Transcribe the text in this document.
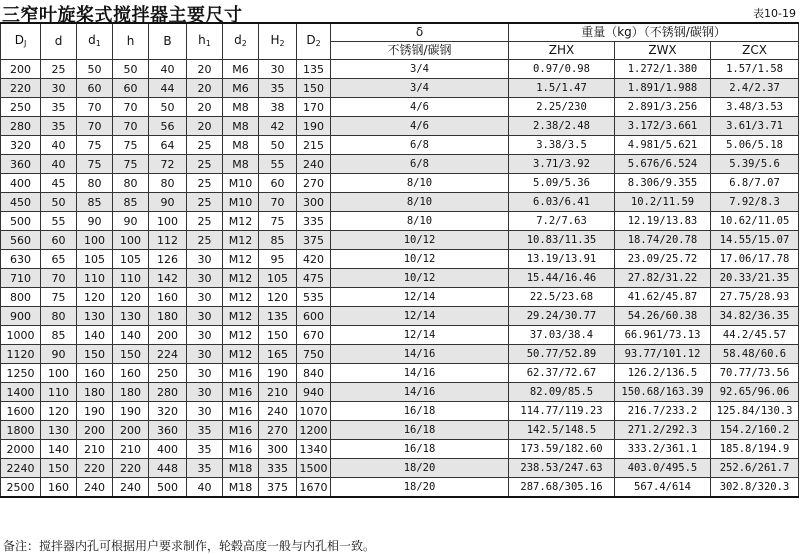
三窄叶旋桨式搅拌器主要尺寸	表10-19
$D_J$	d	$d_1$	h	B	$h_1$	$d_2$	$H_2$	$D_2$	δ	重量（kg）（不锈钢/碳钢）		
									不锈钢/碳钢	ZHX	ZWX	ZCX
200	25	50	50	40	20	M6	30	135	3/4	0.97/0.98	1.272/1.380	1.57/1.58
220	30	60	60	44	20	M6	35	150	3/4	1.5/1.47	1.891/1.988	2.4/2.37
250	35	70	70	50	20	M8	38	170	4/6	2.25/230	2.891/3.256	3.48/3.53
280	35	70	70	56	20	M8	42	190	4/6	2.38/2.48	3.172/3.661	3.61/3.71
320	40	75	75	64	25	M8	50	215	6/8	3.38/3.5	4.981/5.621	5.06/5.18
360	40	75	75	72	25	M8	55	240	6/8	3.71/3.92	5.676/6.524	5.39/5.6
400	45	80	80	80	25	M10	60	270	8/10	5.09/5.36	8.306/9.355	6.8/7.07
450	50	85	85	90	25	M10	70	300	8/10	6.03/6.41	10.2/11.59	7.92/8.3
500	55	90	90	100	25	M12	75	335	8/10	7.2/7.63	12.19/13.83	10.62/11.05
560	60	100	100	112	25	M12	85	375	10/12	10.83/11.35	18.74/20.78	14.55/15.07
630	65	105	105	126	30	M12	95	420	10/12	13.19/13.91	23.09/25.72	17.06/17.78
710	70	110	110	142	30	M12	105	475	10/12	15.44/16.46	27.82/31.22	20.33/21.35
800	75	120	120	160	30	M12	120	535	12/14	22.5/23.68	41.62/45.87	27.75/28.93
900	80	130	130	180	30	M12	135	600	12/14	29.24/30.77	54.26/60.38	34.82/36.35
1000	85	140	140	200	30	M12	150	670	12/14	37.03/38.4	66.961/73.13	44.2/45.57
1120	90	150	150	224	30	M12	165	750	14/16	50.77/52.89	93.77/101.12	58.48/60.6
1250	100	160	160	250	30	M16	190	840	14/16	62.37/72.67	126.2/136.5	70.77/73.56
1400	110	180	180	280	30	M16	210	940	14/16	82.09/85.5	150.68/163.39	92.65/96.06
1600	120	190	190	320	30	M16	240	1070	16/18	114.77/119.23	216.7/233.2	125.84/130.3
1800	130	200	200	360	35	M16	270	1200	16/18	142.5/148.5	271.2/292.3	154.2/160.2
2000	140	210	210	400	35	M16	300	1340	16/18	173.59/182.60	333.2/361.1	185.8/194.9
2240	150	220	220	448	35	M18	335	1500	18/20	238.53/247.63	403.0/495.5	252.6/261.7
2500	160	240	240	500	40	M18	375	1670	18/20	287.68/305.16	567.4/614	302.8/320.3
备注：搅拌器内孔可根据用户要求制作，轮毂高度一般与内孔相一致。
